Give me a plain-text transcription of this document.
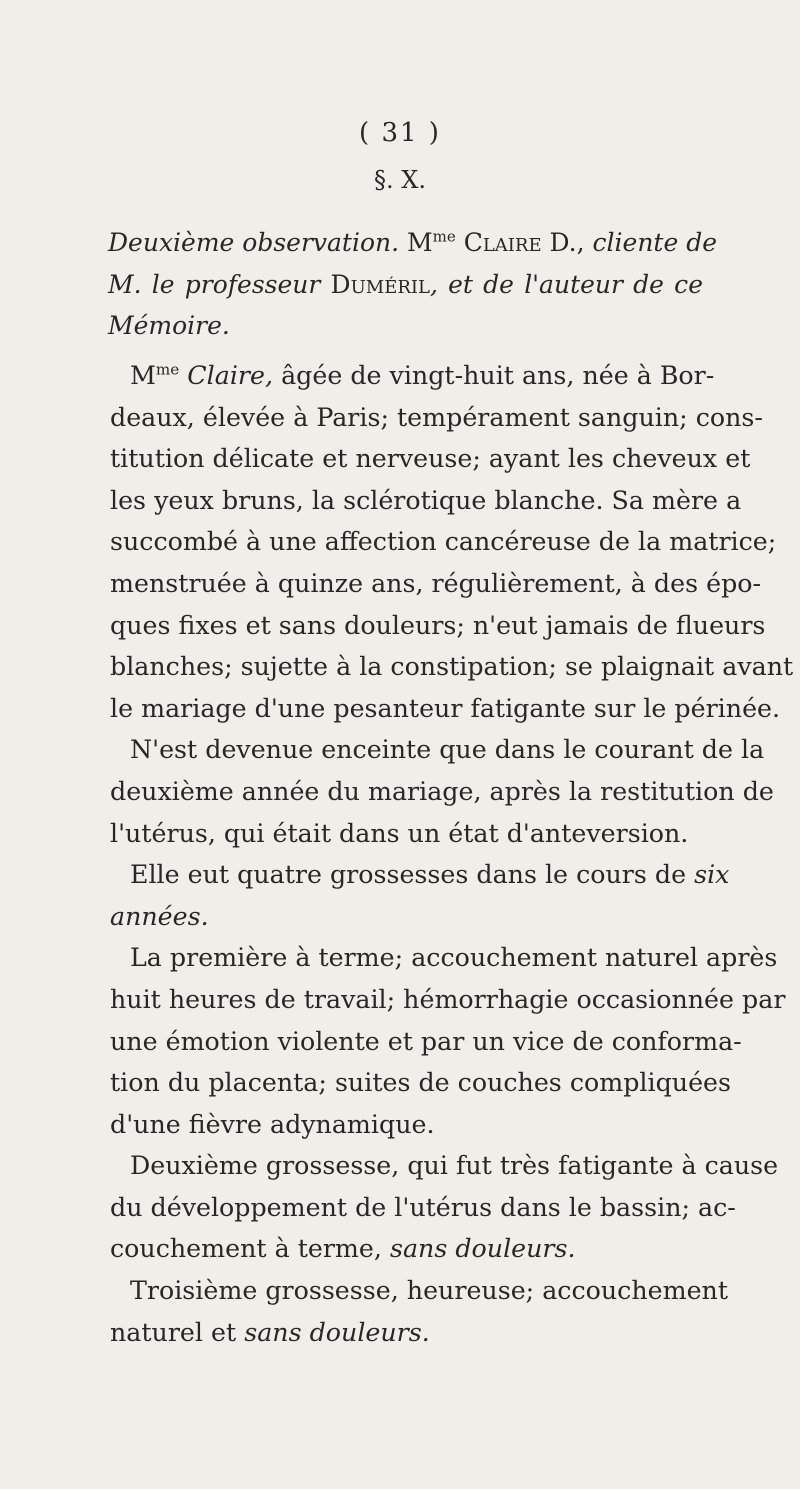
( 31 )
§. X.
Deuxième observation. $M^{me}$ Claire D., cliente de
M. le professeur Duméril, et de l'auteur de ce
Mémoire.
$M^{me}$ Claire, âgée de vingt-huit ans, née à Bor-
deaux, élevée à Paris; tempérament sanguin; cons-
titution délicate et nerveuse; ayant les cheveux et
les yeux bruns, la sclérotique blanche. Sa mère a
succombé à une affection cancéreuse de la matrice;
menstruée à quinze ans, régulièrement, à des épo-
ques fixes et sans douleurs; n'eut jamais de flueurs
blanches; sujette à la constipation; se plaignait avant
le mariage d'une pesanteur fatigante sur le périnée.
N'est devenue enceinte que dans le courant de la
deuxième année du mariage, après la restitution de
l'utérus, qui était dans un état d'anteversion.
Elle eut quatre grossesses dans le cours de six
années.
La première à terme; accouchement naturel après
huit heures de travail; hémorrhagie occasionnée par
une émotion violente et par un vice de conforma-
tion du placenta; suites de couches compliquées
d'une fièvre adynamique.
Deuxième grossesse, qui fut très fatigante à cause
du développement de l'utérus dans le bassin; ac-
couchement à terme, sans douleurs.
Troisième grossesse, heureuse; accouchement
naturel et sans douleurs.
